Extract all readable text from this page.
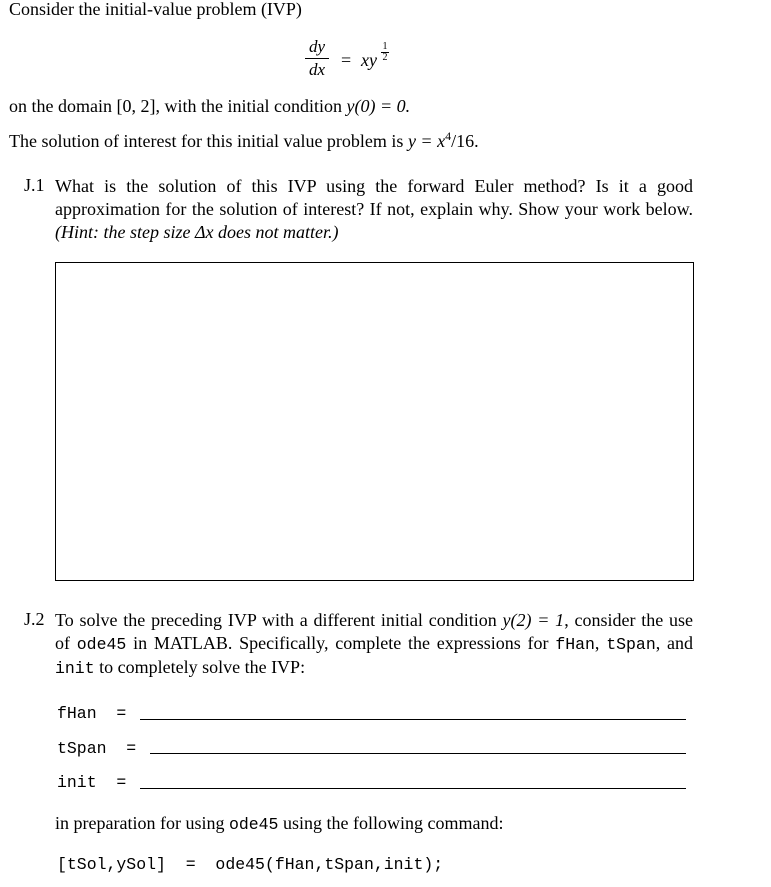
Consider the initial-value problem (IVP)
dy
dx = xy
1
2
on the domain [0, 2], with the initial condition y(0) = 0.
The solution of interest for this initial value problem is $y = x^4/16$.
J.1 What is the solution of this IVP using the forward Euler method? Is it a good approximation for the solution of interest? If not, explain why. Show your work below. (Hint: the step size Δx does not matter.)
J.2 To solve the preceding IVP with a different initial condition y(2) = 1, consider the use of ode45 in MATLAB. Specifically, complete the expressions for fHan, tSpan, and init to completely solve the IVP:
fHan  =
tSpan  =
init  =
in preparation for using ode45 using the following command:
[tSol,ySol]  =  ode45(fHan,tSpan,init);
